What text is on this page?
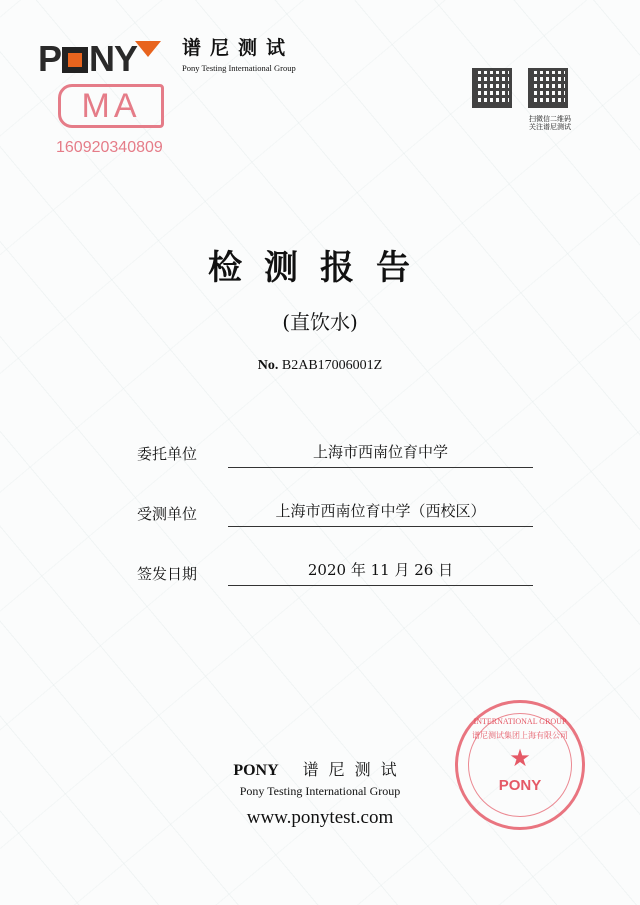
P NY	谱尼测试
Pony Testing International Group
MA
160920340809
扫微信二维码
关注谱尼测试
检测报告
(直饮水)
No. B2AB17006001Z
委托单位	上海市西南位育中学
受测单位	上海市西南位育中学（西校区）
签发日期	2020 年 11 月 26 日
INTERNATIONAL GROUP
谱尼测试集团上海有限公司
★
PONY
PONY 谱尼测试
Pony Testing International Group
www.ponytest.com
